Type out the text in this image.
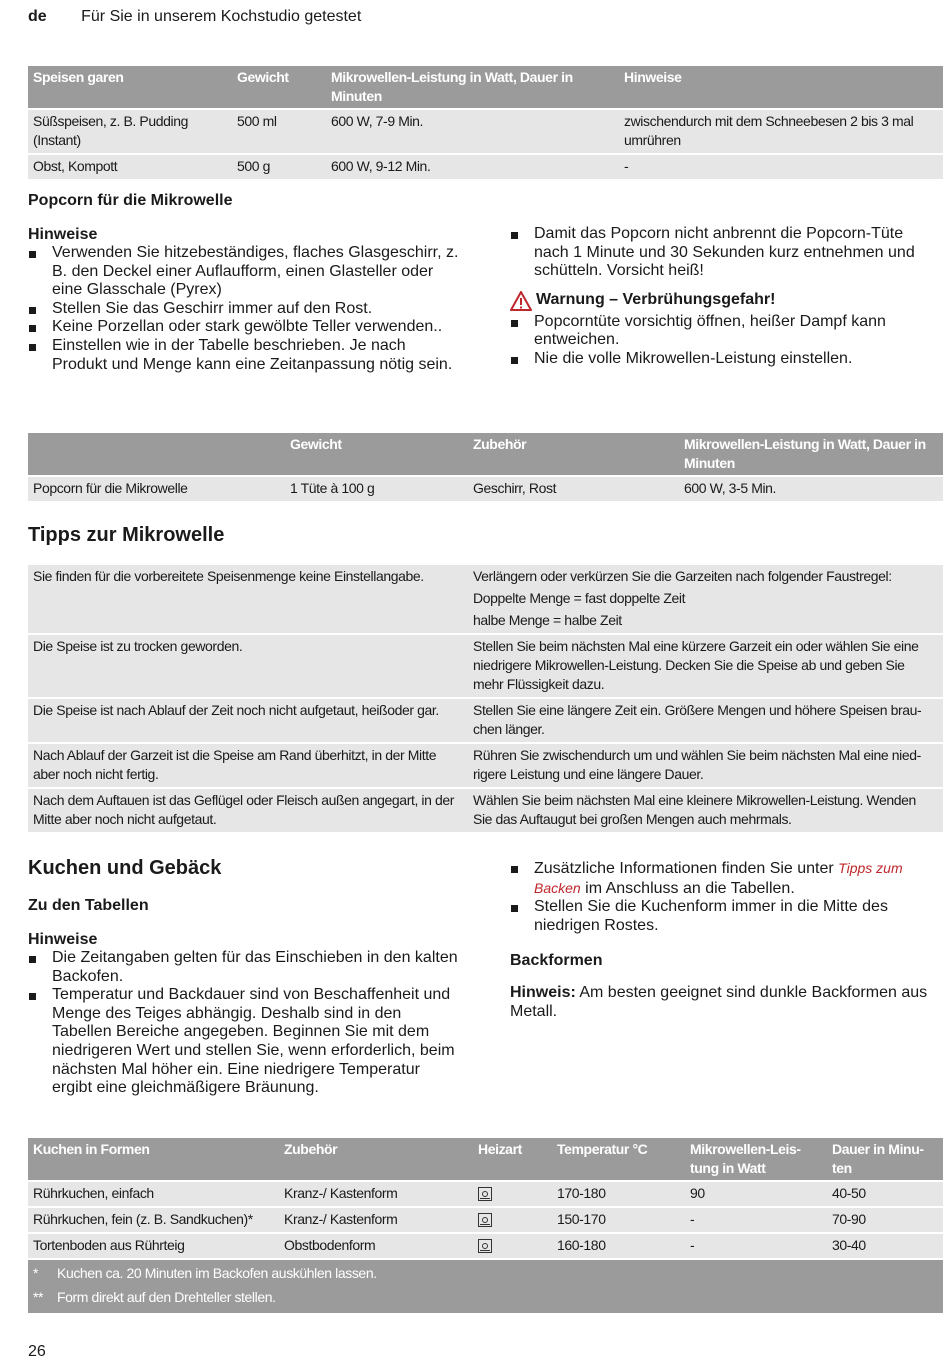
de Für Sie in unserem Kochstudio getestet
Speisen garen	Gewicht	Mikrowellen-Leistung in Watt, Dauer in Minuten	Hinweise
Süßspeisen, z. B. Pudding (Instant)	500 ml	600 W, 7-9 Min.	zwischendurch mit dem Schneebesen 2 bis 3 mal umrühren
Obst, Kompott	500 g	600 W, 9-12 Min.	-
Popcorn für die Mikrowelle
Hinweise
Verwenden Sie hitzebeständiges, flaches Glasgeschirr, z. B. den Deckel einer Auflaufform, einen Glasteller oder eine Glasschale (Pyrex)
Stellen Sie das Geschirr immer auf den Rost.
Keine Porzellan oder stark gewölbte Teller verwenden..
Einstellen wie in der Tabelle beschrieben. Je nach Produkt und Menge kann eine Zeitanpassung nötig sein.
Damit das Popcorn nicht anbrennt die Popcorn-Tüte nach 1 Minute und 30 Sekunden kurz entnehmen und schütteln. Vorsicht heiß!
Warnung – Verbrühungsgefahr!
Popcorntüte vorsichtig öffnen, heißer Dampf kann entweichen.
Nie die volle Mikrowellen-Leistung einstellen.
	Gewicht	Zubehör	Mikrowellen-Leistung in Watt, Dauer in Minuten
Popcorn für die Mikrowelle	1 Tüte à 100 g	Geschirr, Rost	600 W, 3-5 Min.
Tipps zur Mikrowelle
Sie finden für die vorbereitete Speisenmenge keine Einstellangabe.	Verlängern oder verkürzen Sie die Garzeiten nach folgender Faustregel:
Doppelte Menge = fast doppelte Zeit
halbe Menge = halbe Zeit

Die Speise ist zu trocken geworden.	Stellen Sie beim nächsten Mal eine kürzere Garzeit ein oder wählen Sie eine niedrigere Mikrowellen-Leistung. Decken Sie die Speise ab und geben Sie mehr Flüssigkeit dazu.
Die Speise ist nach Ablauf der Zeit noch nicht aufgetaut, heißoder gar.	Stellen Sie eine längere Zeit ein. Größere Mengen und höhere Speisen brau-chen länger.
Nach Ablauf der Garzeit ist die Speise am Rand überhitzt, in der Mitte aber noch nicht fertig.	Rühren Sie zwischendurch um und wählen Sie beim nächsten Mal eine nied-rigere Leistung und eine längere Dauer.
Nach dem Auftauen ist das Geflügel oder Fleisch außen angegart, in der Mitte aber noch nicht aufgetaut.	Wählen Sie beim nächsten Mal eine kleinere Mikrowellen-Leistung. Wenden Sie das Auftaugut bei großen Mengen auch mehrmals.
Kuchen und Gebäck
Zu den Tabellen
Hinweise
Die Zeitangaben gelten für das Einschieben in den kalten Backofen.
Temperatur und Backdauer sind von Beschaffenheit und Menge des Teiges abhängig. Deshalb sind in den Tabellen Bereiche angegeben. Beginnen Sie mit dem niedrigeren Wert und stellen Sie, wenn erforderlich, beim nächsten Mal höher ein. Eine niedrigere Temperatur ergibt eine gleichmäßigere Bräunung.
Zusätzliche Informationen finden Sie unter Tipps zum Backen im Anschluss an die Tabellen.
Stellen Sie die Kuchenform immer in die Mitte des niedrigen Rostes.
Backformen
Hinweis: Am besten geeignet sind dunkle Backformen aus Metall.
Kuchen in Formen	Zubehör	Heizart	Temperatur °C	Mikrowellen-Leis-tung in Watt	Dauer in Minu-ten
Rührkuchen, einfach	Kranz-/ Kastenform		170-180	90	40-50
Rührkuchen, fein (z. B. Sandkuchen)*	Kranz-/ Kastenform		150-170	-	70-90
Tortenboden aus Rührteig	Obstbodenform		160-180	-	30-40
* Kuchen ca. 20 Minuten im Backofen auskühlen lassen.					
** Form direkt auf den Drehteller stellen.					
26
